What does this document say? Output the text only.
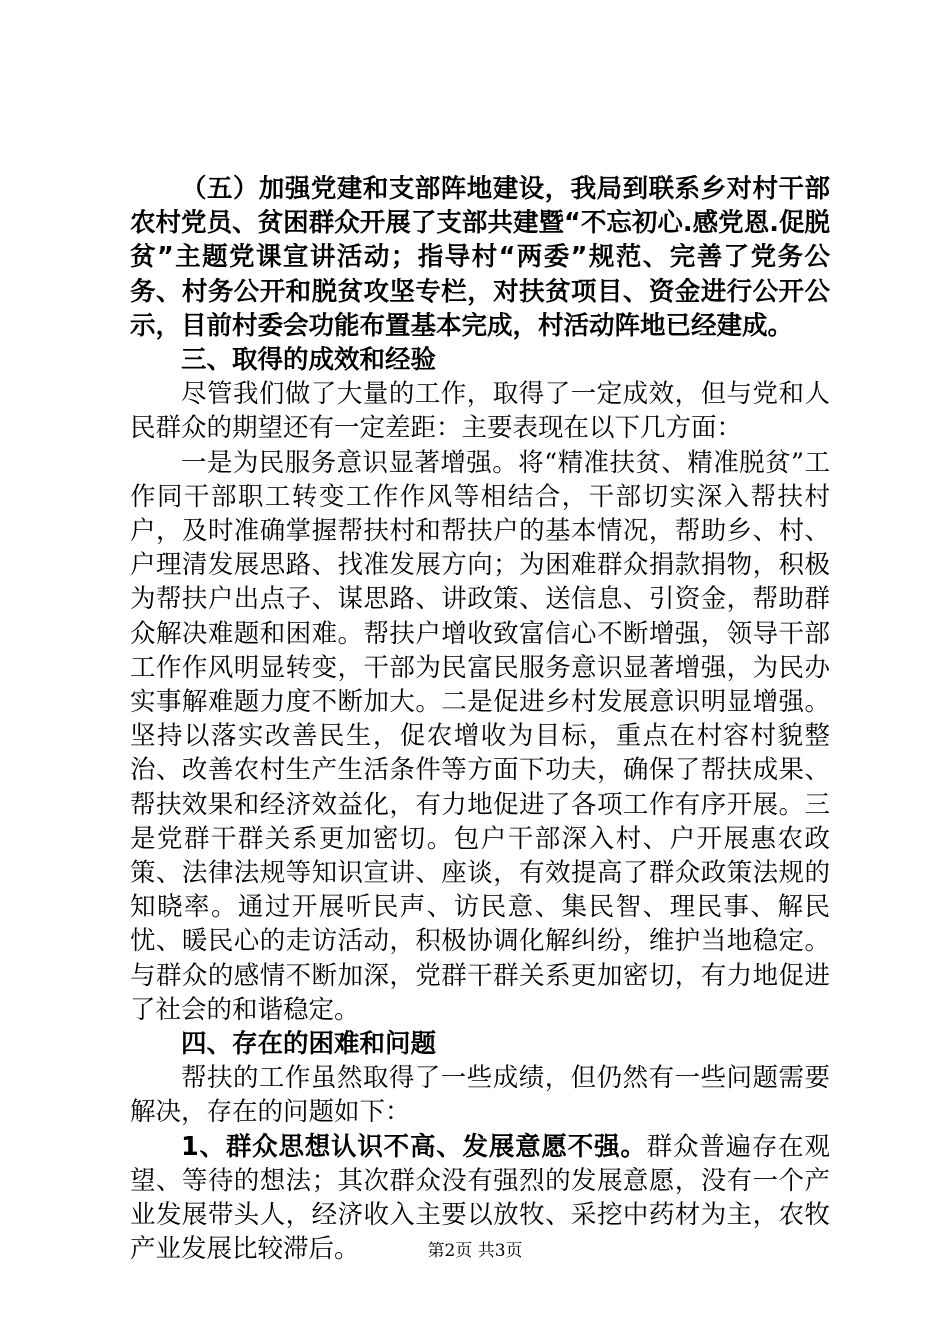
（五）加强党建和支部阵地建设，我局到联系乡对村干部农村党员、贫困群众开展了支部共建暨“不忘初心.感党恩.促脱贫”主题党课宣讲活动；指导村“两委”规范、完善了党务公务、村务公开和脱贫攻坚专栏，对扶贫项目、资金进行公开公示，目前村委会功能布置基本完成，村活动阵地已经建成。

三、取得的成效和经验

尽管我们做了大量的工作，取得了一定成效，但与党和人民群众的期望还有一定差距：主要表现在以下几方面：

一是为民服务意识显著增强。将“精准扶贫、精准脱贫”工作同干部职工转变工作作风等相结合，干部切实深入帮扶村户，及时准确掌握帮扶村和帮扶户的基本情况，帮助乡、村、户理清发展思路、找准发展方向；为困难群众捐款捐物，积极为帮扶户出点子、谋思路、讲政策、送信息、引资金，帮助群众解决难题和困难。帮扶户增收致富信心不断增强，领导干部工作作风明显转变，干部为民富民服务意识显著增强，为民办实事解难题力度不断加大。二是促进乡村发展意识明显增强。坚持以落实改善民生，促农增收为目标，重点在村容村貌整治、改善农村生产生活条件等方面下功夫，确保了帮扶成果、帮扶效果和经济效益化，有力地促进了各项工作有序开展。三是党群干群关系更加密切。包户干部深入村、户开展惠农政策、法律法规等知识宣讲、座谈，有效提高了群众政策法规的知晓率。通过开展听民声、访民意、集民智、理民事、解民忧、暖民心的走访活动，积极协调化解纠纷，维护当地稳定。与群众的感情不断加深，党群干群关系更加密切，有力地促进了社会的和谐稳定。

四、存在的困难和问题

帮扶的工作虽然取得了一些成绩，但仍然有一些问题需要解决，存在的问题如下：

1、群众思想认识不高、发展意愿不强。群众普遍存在观望、等待的想法；其次群众没有强烈的发展意愿，没有一个产业发展带头人，经济收入主要以放牧、采挖中药材为主，农牧产业发展比较滞后。	第2页 共3页
